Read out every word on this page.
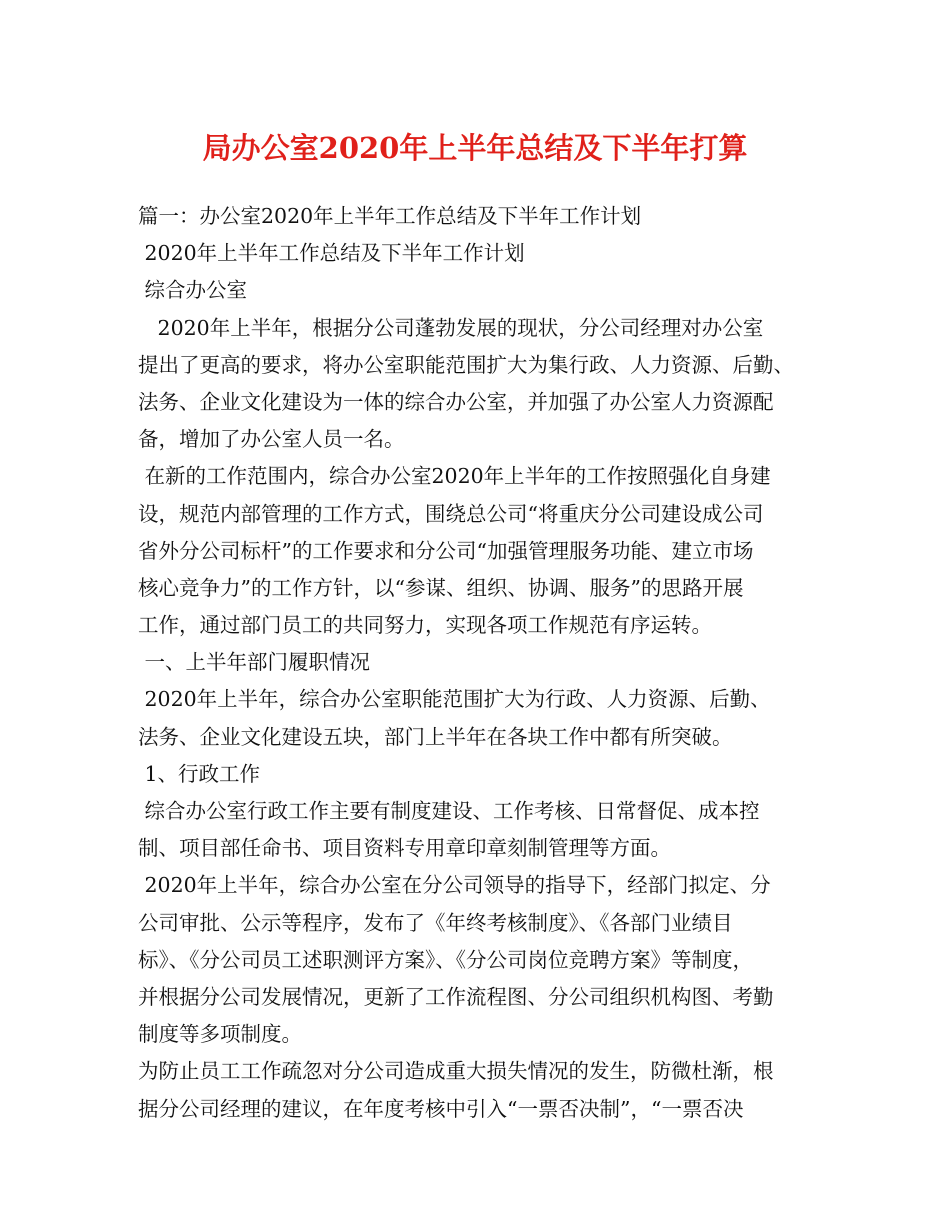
局办公室2020年上半年总结及下半年打算

篇一：办公室2020年上半年工作总结及下半年工作计划

2020年上半年工作总结及下半年工作计划

综合办公室

2020年上半年，根据分公司蓬勃发展的现状，分公司经理对办公室

提出了更高的要求，将办公室职能范围扩大为集行政、人力资源、后勤、

法务、企业文化建设为一体的综合办公室，并加强了办公室人力资源配

备，增加了办公室人员一名。

在新的工作范围内，综合办公室2020年上半年的工作按照强化自身建

设，规范内部管理的工作方式，围绕总公司“将重庆分公司建设成公司

省外分公司标杆”的工作要求和分公司“加强管理服务功能、建立市场

核心竞争力”的工作方针，以“参谋、组织、协调、服务”的思路开展

工作，通过部门员工的共同努力，实现各项工作规范有序运转。

一、上半年部门履职情况

2020年上半年，综合办公室职能范围扩大为行政、人力资源、后勤、

法务、企业文化建设五块，部门上半年在各块工作中都有所突破。

1、行政工作

综合办公室行政工作主要有制度建设、工作考核、日常督促、成本控

制、项目部任命书、项目资料专用章印章刻制管理等方面。

2020年上半年，综合办公室在分公司领导的指导下，经部门拟定、分

公司审批、公示等程序，发布了《年终考核制度》、《各部门业绩目

标》、《分公司员工述职测评方案》、《分公司岗位竞聘方案》等制度，

并根据分公司发展情况，更新了工作流程图、分公司组织机构图、考勤

制度等多项制度。

为防止员工工作疏忽对分公司造成重大损失情况的发生，防微杜渐，根

据分公司经理的建议，在年度考核中引入“一票否决制”，“一票否决
